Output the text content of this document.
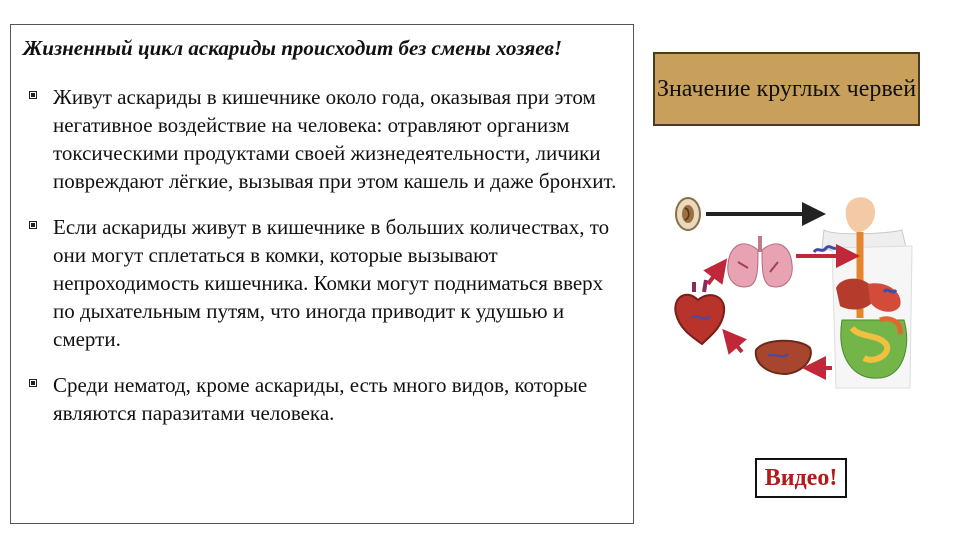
Жизненный цикл аскариды происходит без смены хозяев!
Живут аскариды в кишечнике около года, оказывая при этом негативное воздействие на человека: отравляют организм токсическими продуктами своей жизнедеятельности, личики повреждают лёгкие, вызывая при этом кашель и даже бронхит.
Если аскариды живут в кишечнике в больших количествах, то они могут сплетаться в комки, которые вызывают непроходимость кишечника. Комки могут подниматься вверх по дыхательным путям, что иногда приводит к удушью и смерти.
Среди нематод, кроме аскариды, есть много видов, которые являются паразитами человека.
Значение круглых червей
Видео!
